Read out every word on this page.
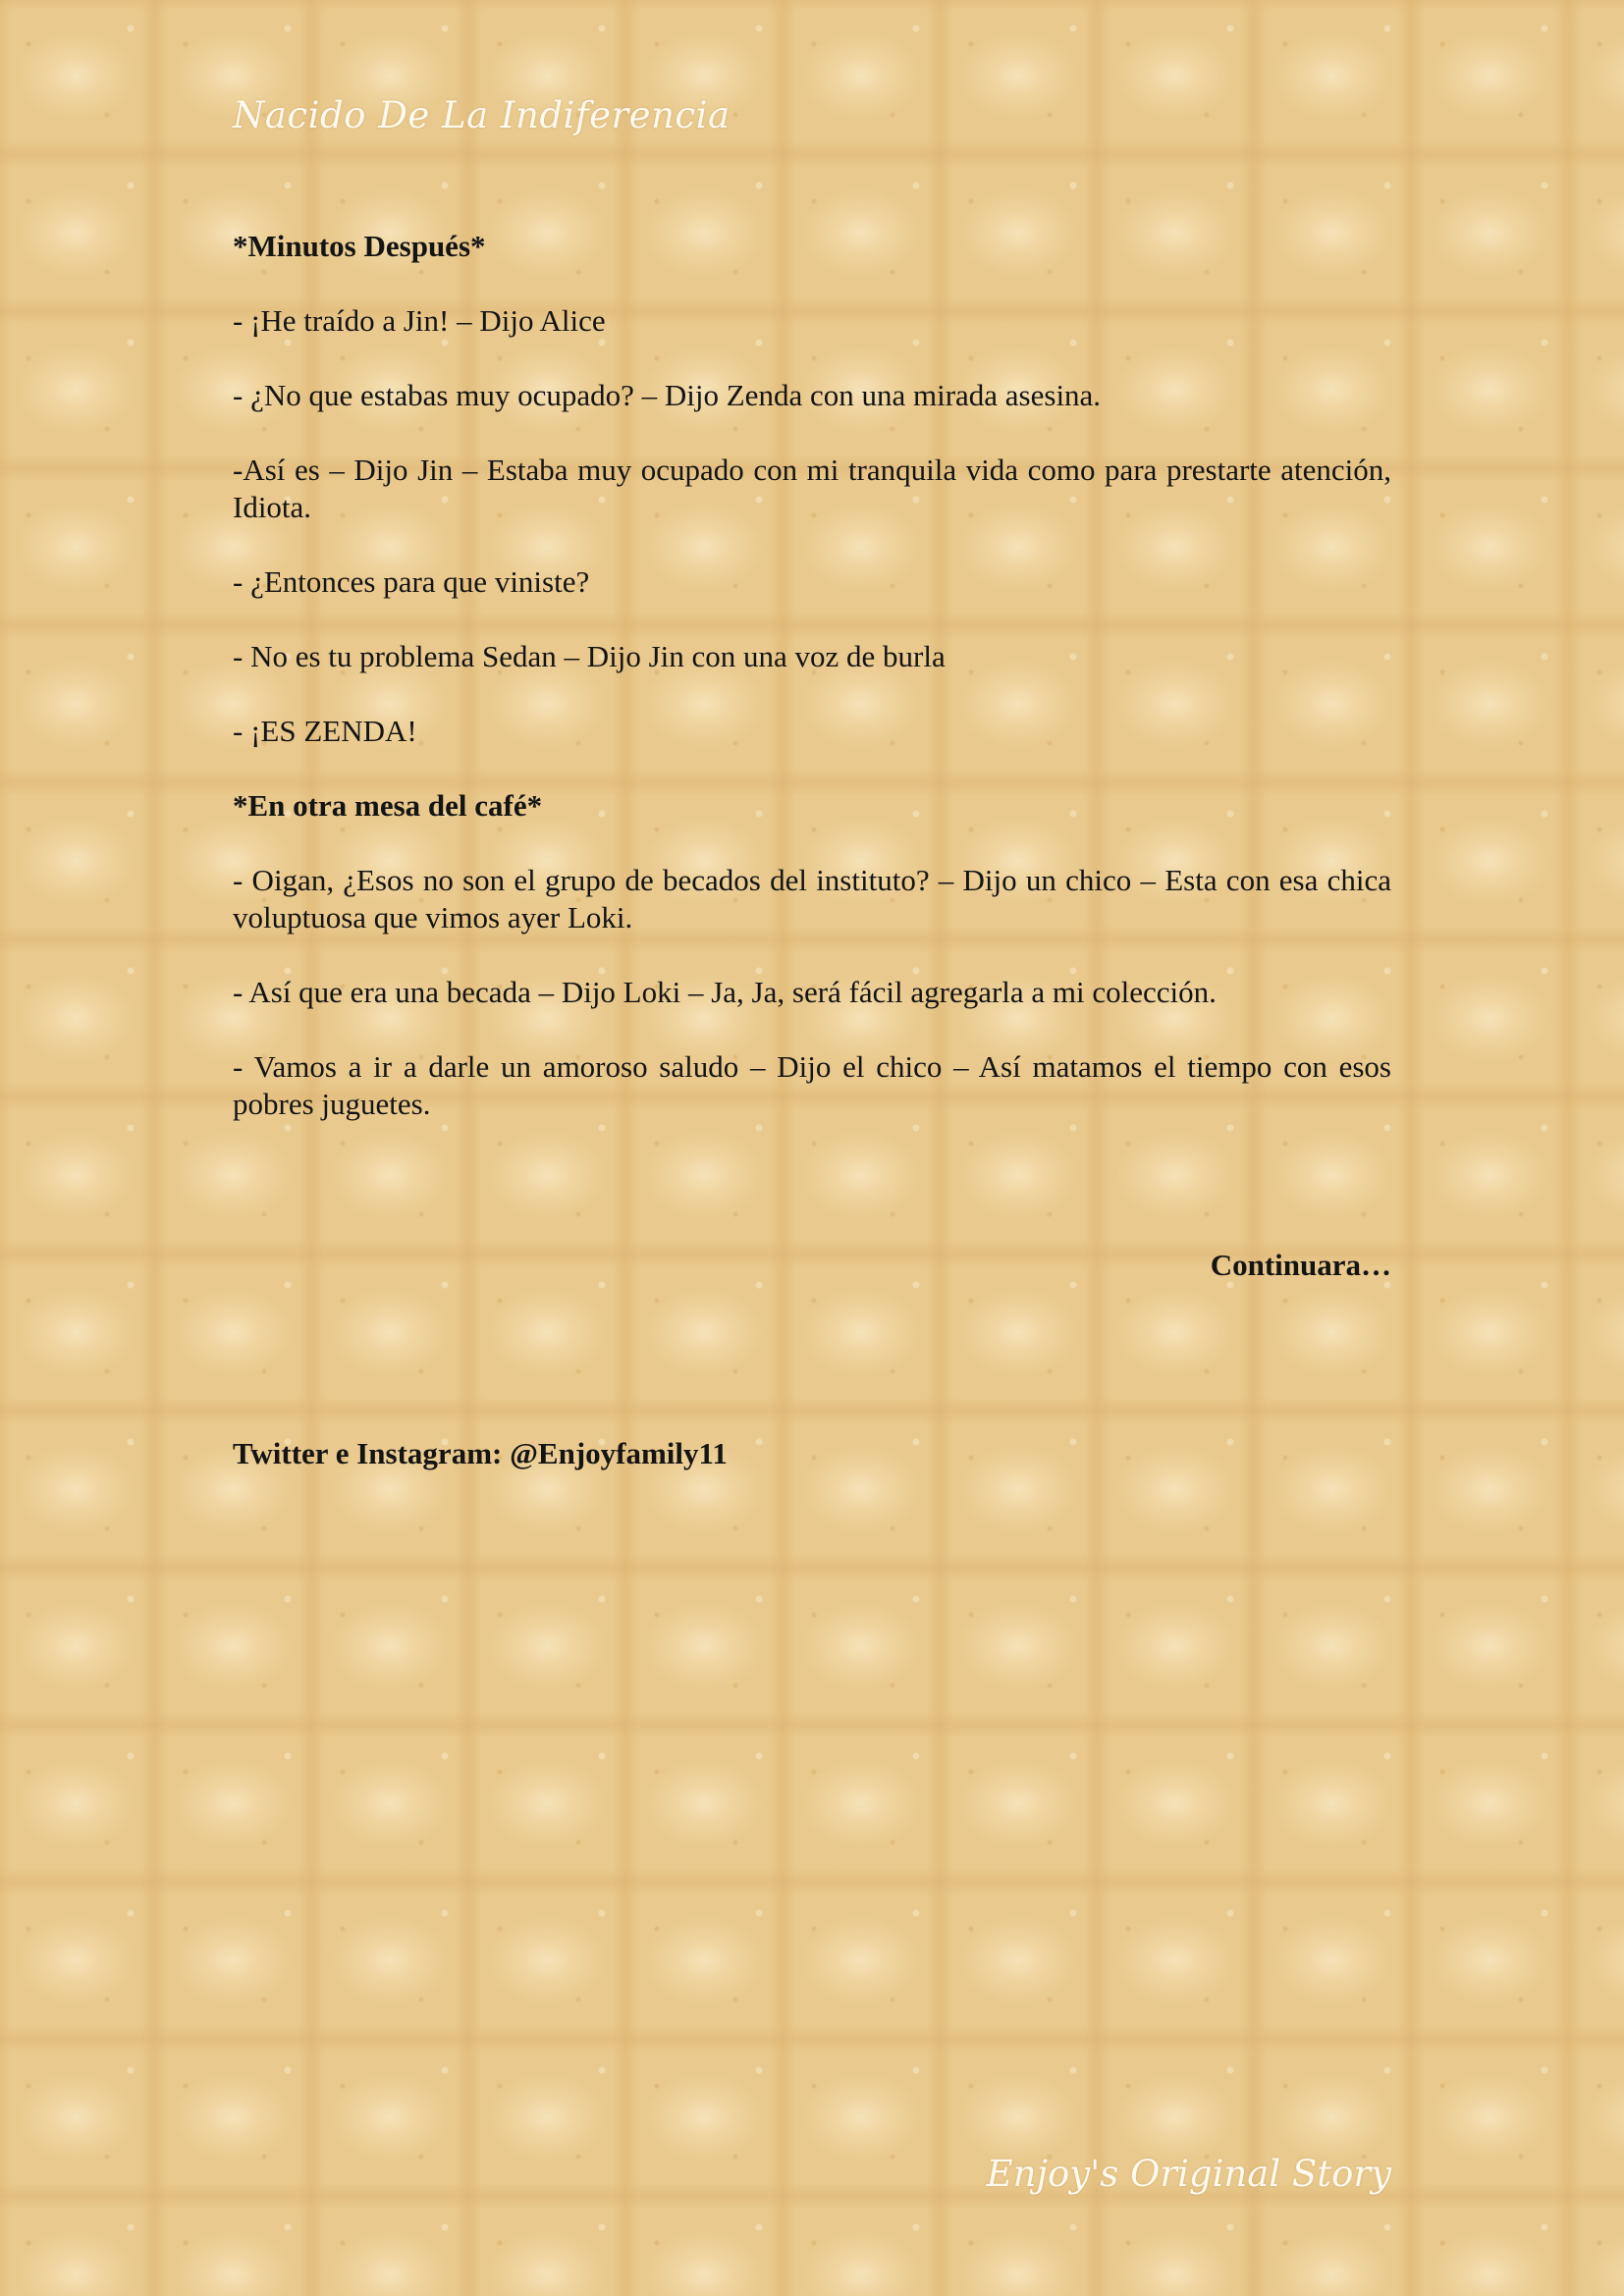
Nacido De La Indiferencia

*Minutos Después*

- ¡He traído a Jin! – Dijo Alice

- ¿No que estabas muy ocupado? – Dijo Zenda con una mirada asesina.

-Así es – Dijo Jin – Estaba muy ocupado con mi tranquila vida como para prestarte atención, Idiota.

- ¿Entonces para que viniste?

- No es tu problema Sedan – Dijo Jin con una voz de burla

- ¡ES ZENDA!

*En otra mesa del café*

- Oigan, ¿Esos no son el grupo de becados del instituto? – Dijo un chico – Esta con esa chica voluptuosa que vimos ayer Loki.

- Así que era una becada – Dijo Loki – Ja, Ja, será fácil agregarla a mi colección.

- Vamos a ir a darle un amoroso saludo – Dijo el chico – Así matamos el tiempo con esos pobres juguetes.

Continuara…
Twitter e Instagram: @Enjoyfamily11
Enjoy's Original Story
